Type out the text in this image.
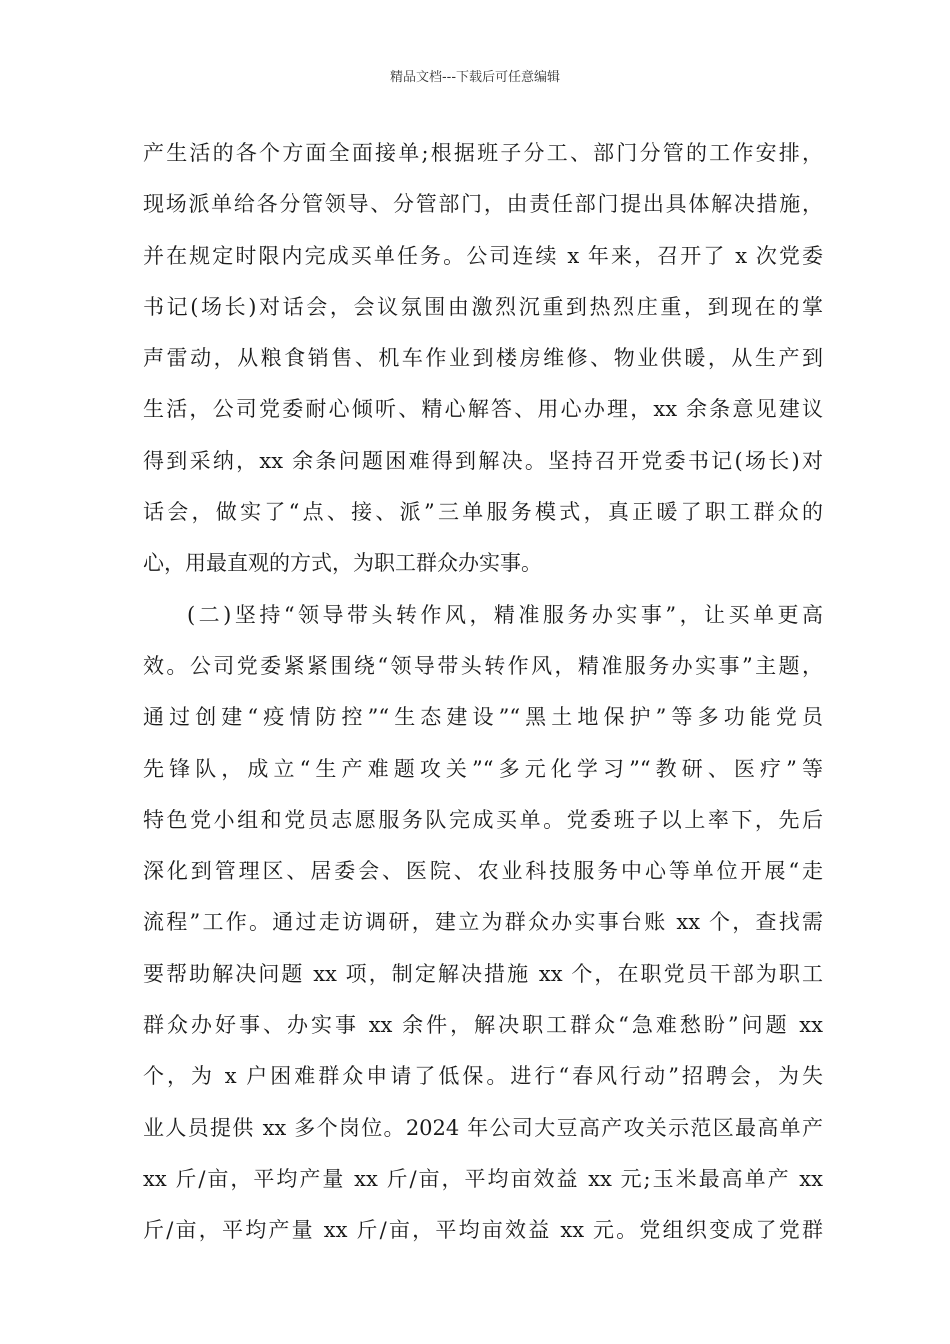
精品文档---下载后可任意编辑
产生活的各个方面全面接单;根据班子分工、部门分管的工作安排，
现场派单给各分管领导、分管部门，由责任部门提出具体解决措施，
并在规定时限内完成买单任务。公司连续 x 年来，召开了 x 次党委
书记(场长)对话会，会议氛围由激烈沉重到热烈庄重，到现在的掌
声雷动，从粮食销售、机车作业到楼房维修、物业供暖，从生产到
生活，公司党委耐心倾听、精心解答、用心办理，xx 余条意见建议
得到采纳，xx 余条问题困难得到解决。坚持召开党委书记(场长)对
话会，做实了“点、接、派”三单服务模式，真正暖了职工群众的
心，用最直观的方式，为职工群众办实事。
(二)坚持“领导带头转作风，精准服务办实事”，让买单更高
效。公司党委紧紧围绕“领导带头转作风，精准服务办实事”主题，
通过创建“疫情防控”“生态建设”“黑土地保护”等多功能党员
先锋队，成立“生产难题攻关”“多元化学习”“教研、医疗”等
特色党小组和党员志愿服务队完成买单。党委班子以上率下，先后
深化到管理区、居委会、医院、农业科技服务中心等单位开展“走
流程”工作。通过走访调研，建立为群众办实事台账 xx 个，查找需
要帮助解决问题 xx 项，制定解决措施 xx 个，在职党员干部为职工
群众办好事、办实事 xx 余件，解决职工群众“急难愁盼”问题 xx
个，为 x 户困难群众申请了低保。进行“春风行动”招聘会，为失
业人员提供 xx 多个岗位。2024 年公司大豆高产攻关示范区最高单产
xx 斤/亩，平均产量 xx 斤/亩，平均亩效益 xx 元;玉米最高单产 xx
斤/亩，平均产量 xx 斤/亩，平均亩效益 xx 元。党组织变成了党群
